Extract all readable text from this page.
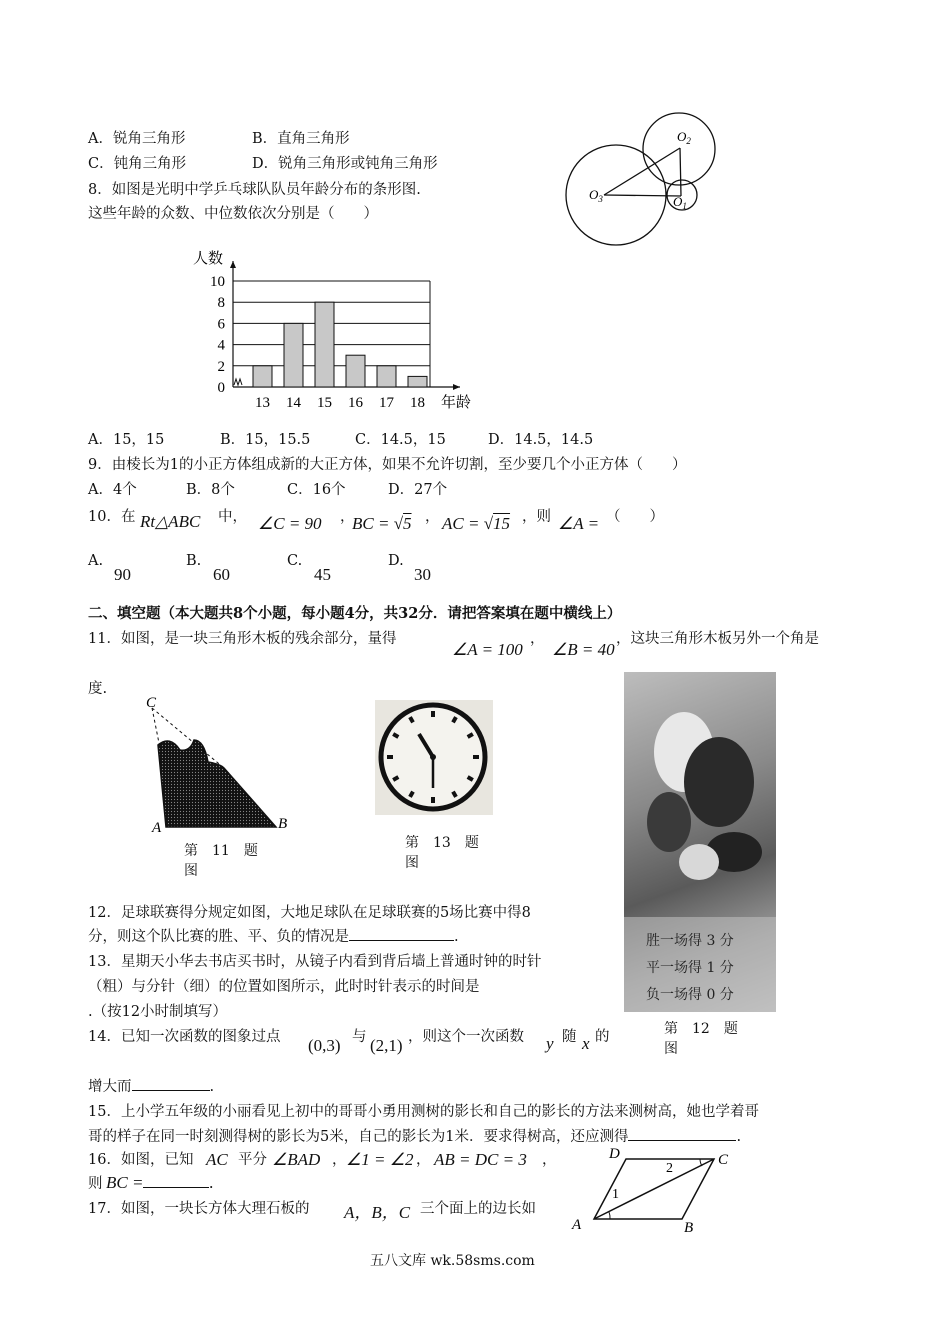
A．锐角三角形	B．直角三角形
C．钝角三角形	D．锐角三角形或钝角三角形
$O_2$
$O_3$	$O_1$
8．如图是光明中学乒乓球队队员年龄分布的条形图.
这些年龄的众数、中位数依次分别是（　　）
0
2
4
6
8
10
13 14 15 16 17 18
人数
年龄
A．15，15	B．15，15.5	C．14.5，15	D．14.5，14.5
9．由棱长为1的小正方体组成新的大正方体，如果不允许切割，至少要几个小正方体（　　）
A．4个	B．8个	C．16个	D．27个
10．在 Rt△ABC 中， ∠C = 90 ，
BC = √5 ， AC = √15 ，则 ∠A = （　　）
A.
90
B.
60
C.
45
D.
30
二、填空题（本大题共8个小题，每小题4分，共32分．请把答案填在题中横线上）
11．如图，是一块三角形木板的残余部分，量得
∠A = 100
，
∠B = 40
，这块三角形木板另外一个角是
度.
C
A	B
第　11　题
图
第　13　题
图
胜一场得 3 分
平一场得 1 分
负一场得 0 分
第　12　题
图
12．足球联赛得分规定如图，大地足球队在足球联赛的5场比赛中得8
分，则这个队比赛的胜、平、负的情况是	.
13．星期天小华去书店买书时，从镜子内看到背后墙上普通时钟的时针
（粗）与分针（细）的位置如图所示，此时时针表示的时间是
.（按12小时制填写）
14．已知一次函数的图象过点 (0,3) 与 (2,1) ，则这个一次函数 y 随 x 的
增大而	.
15．上小学五年级的小丽看见上初中的哥哥小勇用测树的影长和自己的影长的方法来测树高，她也学着哥
哥的样子在同一时刻测得树的影长为5米，自己的影长为1米．要求得树高，还应测得	.
16．如图，已知 AC 平分 ∠BAD ， ∠1 = ∠2 ， AB = DC = 3 ，
则 BC =	.
D	C
A	B
1
2
17．如图，一块长方体大理石板的 A，B，C 三个面上的边长如
五八文库 wk.58sms.com
